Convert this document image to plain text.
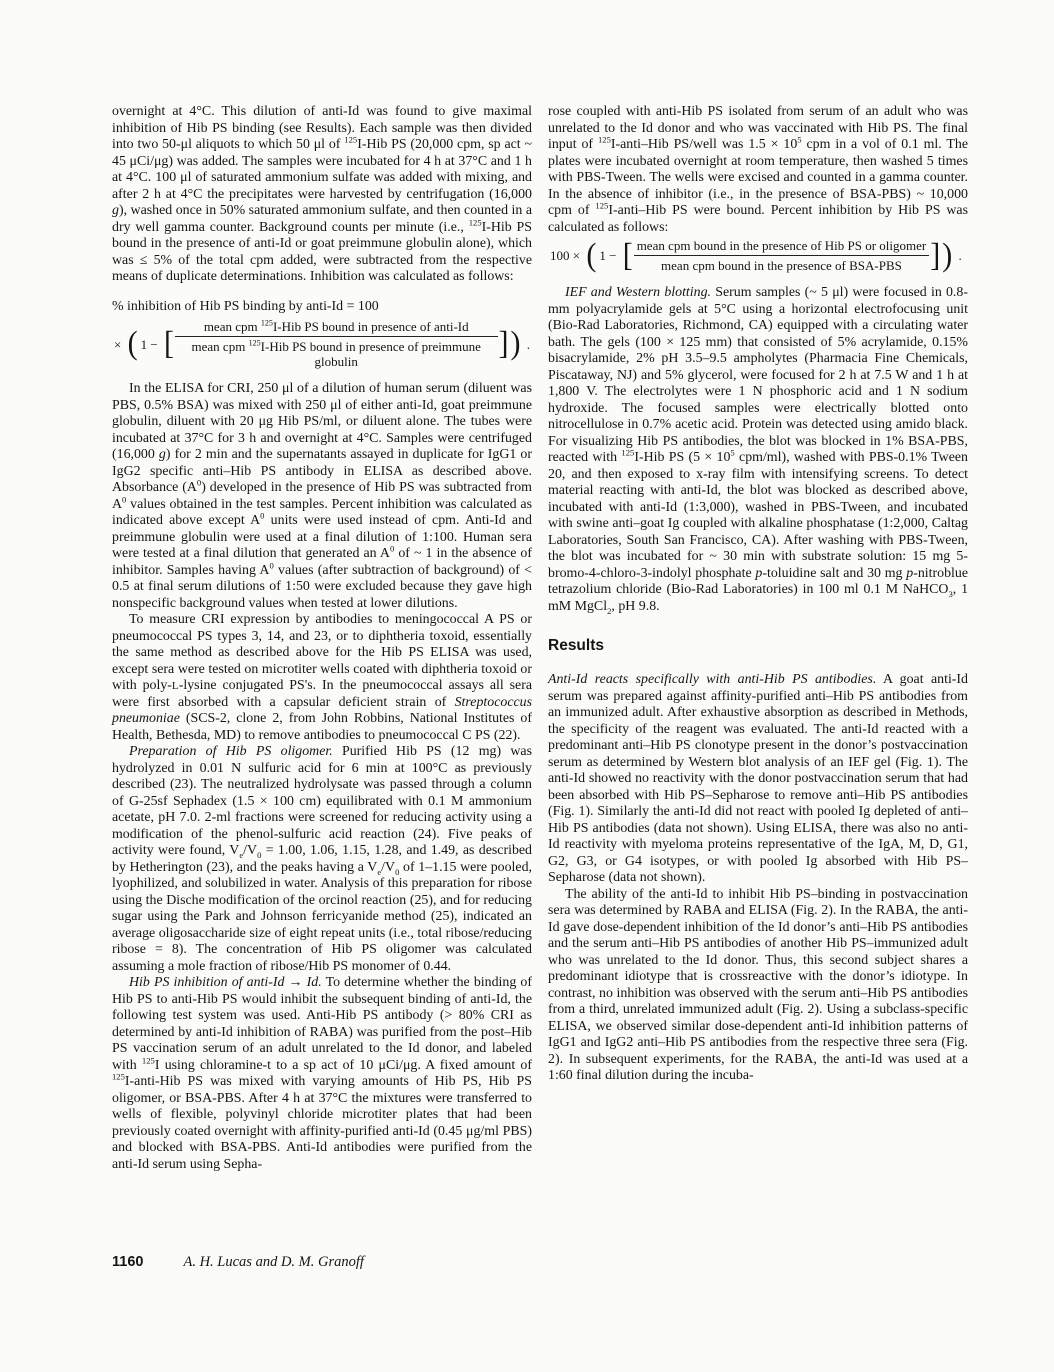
overnight at 4°C. This dilution of anti-Id was found to give maximal inhibition of Hib PS binding (see Results). Each sample was then divided into two 50-μl aliquots to which 50 μl of $^{125}$I-Hib PS (20,000 cpm, sp act ~ 45 μCi/μg) was added. The samples were incubated for 4 h at 37°C and 1 h at 4°C. 100 μl of saturated ammonium sulfate was added with mixing, and after 2 h at 4°C the precipitates were harvested by centrifugation (16,000 g), washed once in 50% saturated ammonium sulfate, and then counted in a dry well gamma counter. Background counts per minute (i.e., $^{125}$I-Hib PS bound in the presence of anti-Id or goat preimmune globulin alone), which was ≤ 5% of the total cpm added, were subtracted from the respective means of duplicate determinations. Inhibition was calculated as follows:

% inhibition of Hib PS binding by anti-Id = 100

× ( 1 − [ $\frac{mean cpm ^{125}I-Hib PS bound in presence of anti-Id}{mean cpm ^{125}I-Hib PS bound in presence of preimmune globulin}$ ] ) .

In the ELISA for CRI, 250 μl of a dilution of human serum (diluent was PBS, 0.5% BSA) was mixed with 250 μl of either anti-Id, goat preimmune globulin, diluent with 20 μg Hib PS/ml, or diluent alone. The tubes were incubated at 37°C for 3 h and overnight at 4°C. Samples were centrifuged (16,000 g) for 2 min and the supernatants assayed in duplicate for IgG1 or IgG2 specific anti–Hib PS antibody in ELISA as described above. Absorbance $(A^0)$ developed in the presence of Hib PS was subtracted from $A^0$ values obtained in the test samples. Percent inhibition was calculated as indicated above except $A^0$ units were used instead of cpm. Anti-Id and preimmune globulin were used at a final dilution of 1:100. Human sera were tested at a final dilution that generated an $A^0$ of ~ 1 in the absence of inhibitor. Samples having $A^0$ values (after subtraction of background) of < 0.5 at final serum dilutions of 1:50 were excluded because they gave high nonspecific background values when tested at lower dilutions.

To measure CRI expression by antibodies to meningococcal A PS or pneumococcal PS types 3, 14, and 23, or to diphtheria toxoid, essentially the same method as described above for the Hib PS ELISA was used, except sera were tested on microtiter wells coated with diphtheria toxoid or with poly-L-lysine conjugated PS's. In the pneumococcal assays all sera were first absorbed with a capsular deficient strain of Streptococcus pneumoniae (SCS-2, clone 2, from John Robbins, National Institutes of Health, Bethesda, MD) to remove antibodies to pneumococcal C PS (22).

Preparation of Hib PS oligomer. Purified Hib PS (12 mg) was hydrolyzed in 0.01 N sulfuric acid for 6 min at 100°C as previously described (23). The neutralized hydrolysate was passed through a column of G-25sf Sephadex (1.5 × 100 cm) equilibrated with 0.1 M ammonium acetate, pH 7.0. 2-ml fractions were screened for reducing activity using a modification of the phenol-sulfuric acid reaction (24). Five peaks of activity were found, $V_e/V_0 = 1.00$, 1.06, 1.15, 1.28, and 1.49, as described by Hetherington (23), and the peaks having a $V_e/V_0$ of 1–1.15 were pooled, lyophilized, and solubilized in water. Analysis of this preparation for ribose using the Dische modification of the orcinol reaction (25), and for reducing sugar using the Park and Johnson ferricyanide method (25), indicated an average oligosaccharide size of eight repeat units (i.e., total ribose/reducing ribose = 8). The concentration of Hib PS oligomer was calculated assuming a mole fraction of ribose/Hib PS monomer of 0.44.

Hib PS inhibition of anti-Id → Id. To determine whether the binding of Hib PS to anti-Hib PS would inhibit the subsequent binding of anti-Id, the following test system was used. Anti-Hib PS antibody (> 80% CRI as determined by anti-Id inhibition of RABA) was purified from the post–Hib PS vaccination serum of an adult unrelated to the Id donor, and labeled with $^{125}$I using chloramine-t to a sp act of 10 μCi/μg. A fixed amount of $^{125}$I-anti-Hib PS was mixed with varying amounts of Hib PS, Hib PS oligomer, or BSA-PBS. After 4 h at 37°C the mixtures were transferred to wells of flexible, polyvinyl chloride microtiter plates that had been previously coated overnight with affinity-purified anti-Id (0.45 μg/ml PBS) and blocked with BSA-PBS. Anti-Id antibodies were purified from the anti-Id serum using Sepha-

rose coupled with anti-Hib PS isolated from serum of an adult who was unrelated to the Id donor and who was vaccinated with Hib PS. The final input of $^{125}$I-anti–Hib PS/well was $1.5 \times 10^5$ cpm in a vol of 0.1 ml. The plates were incubated overnight at room temperature, then washed 5 times with PBS-Tween. The wells were excised and counted in a gamma counter. In the absence of inhibitor (i.e., in the presence of BSA-PBS) ~ 10,000 cpm of $^{125}$I-anti–Hib PS were bound. Percent inhibition by Hib PS was calculated as follows:

100 × ( 1 − [ $\frac{\text{mean cpm bound in the presence of Hib PS or oligomer}}{\text{mean cpm bound in the presence of BSA-PBS}}$ ] ) .

IEF and Western blotting. Serum samples (~ 5 μl) were focused in 0.8-mm polyacrylamide gels at 5°C using a horizontal electrofocusing unit (Bio-Rad Laboratories, Richmond, CA) equipped with a circulating water bath. The gels (100 × 125 mm) that consisted of 5% acrylamide, 0.15% bisacrylamide, 2% pH 3.5–9.5 ampholytes (Pharmacia Fine Chemicals, Piscataway, NJ) and 5% glycerol, were focused for 2 h at 7.5 W and 1 h at 1,800 V. The electrolytes were 1 N phosphoric acid and 1 N sodium hydroxide. The focused samples were electrically blotted onto nitrocellulose in 0.7% acetic acid. Protein was detected using amido black. For visualizing Hib PS antibodies, the blot was blocked in 1% BSA-PBS, reacted with $^{125}$I-Hib PS ($5 \times 10^5$ cpm/ml), washed with PBS-0.1% Tween 20, and then exposed to x-ray film with intensifying screens. To detect material reacting with anti-Id, the blot was blocked as described above, incubated with anti-Id (1:3,000), washed in PBS-Tween, and incubated with swine anti–goat Ig coupled with alkaline phosphatase (1:2,000, Caltag Laboratories, South San Francisco, CA). After washing with PBS-Tween, the blot was incubated for ~ 30 min with substrate solution: 15 mg 5-bromo-4-chloro-3-indolyl phosphate p-toluidine salt and 30 mg p-nitroblue tetrazolium chloride (Bio-Rad Laboratories) in 100 ml 0.1 M NaHCO$_3$, 1 mM MgCl$_2$, pH 9.8.

Results

Anti-Id reacts specifically with anti-Hib PS antibodies. A goat anti-Id serum was prepared against affinity-purified anti–Hib PS antibodies from an immunized adult. After exhaustive absorption as described in Methods, the specificity of the reagent was evaluated. The anti-Id reacted with a predominant anti–Hib PS clonotype present in the donor’s postvaccination serum as determined by Western blot analysis of an IEF gel (Fig. 1). The anti-Id showed no reactivity with the donor postvaccination serum that had been absorbed with Hib PS–Sepharose to remove anti–Hib PS antibodies (Fig. 1). Similarly the anti-Id did not react with pooled Ig depleted of anti–Hib PS antibodies (data not shown). Using ELISA, there was also no anti-Id reactivity with myeloma proteins representative of the IgA, M, D, G1, G2, G3, or G4 isotypes, or with pooled Ig absorbed with Hib PS–Sepharose (data not shown).

The ability of the anti-Id to inhibit Hib PS–binding in postvaccination sera was determined by RABA and ELISA (Fig. 2). In the RABA, the anti-Id gave dose-dependent inhibition of the Id donor’s anti–Hib PS antibodies and the serum anti–Hib PS antibodies of another Hib PS–immunized adult who was unrelated to the Id donor. Thus, this second subject shares a predominant idiotype that is crossreactive with the donor’s idiotype. In contrast, no inhibition was observed with the serum anti–Hib PS antibodies from a third, unrelated immunized adult (Fig. 2). Using a subclass-specific ELISA, we observed similar dose-dependent anti-Id inhibition patterns of IgG1 and IgG2 anti–Hib PS antibodies from the respective three sera (Fig. 2). In subsequent experiments, for the RABA, the anti-Id was used at a 1:60 final dilution during the incuba-

1160	A. H. Lucas and D. M. Granoff
